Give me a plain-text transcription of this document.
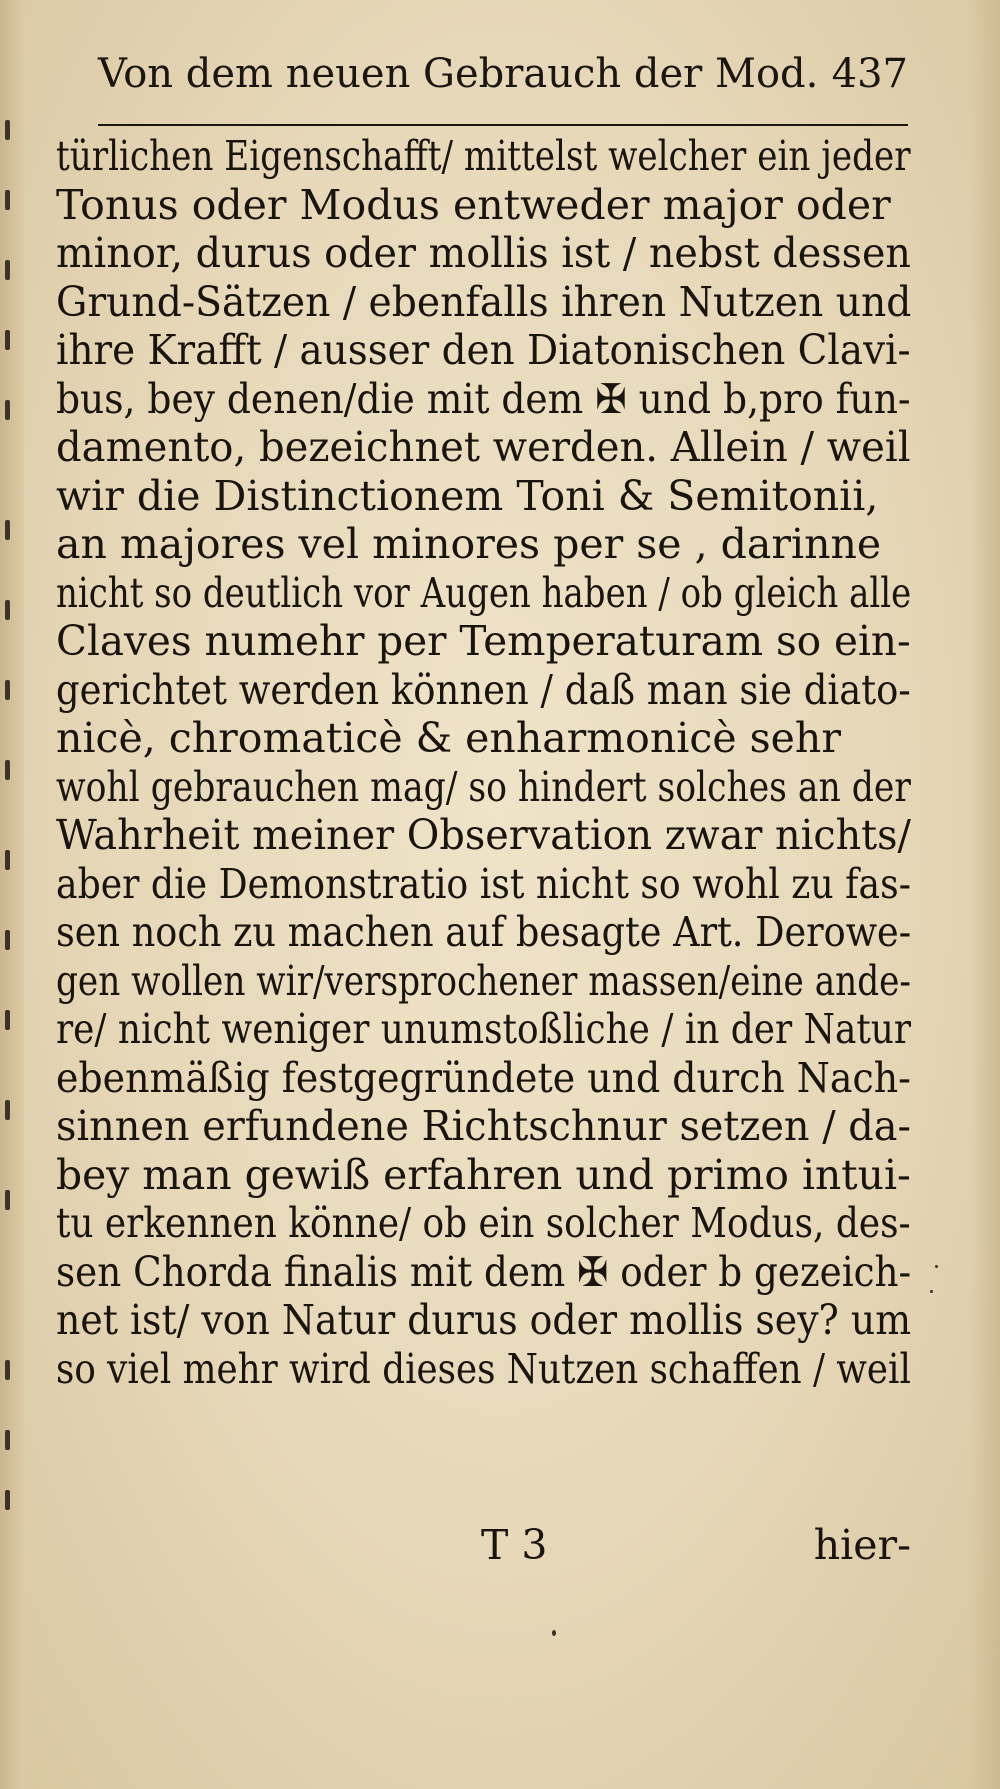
Von dem neuen Gebrauch der Mod. 437
türlichen Eigenschafft/ mittelst welcher ein jeder
Tonus oder Modus entweder major oder
minor, durus oder mollis ist / nebst dessen
Grund-Sätzen / ebenfalls ihren Nutzen und
ihre Krafft / ausser den Diatonischen Clavi-
bus, bey denen/die mit dem ✠ und b,pro fun-
damento, bezeichnet werden. Allein / weil
wir die Distinctionem Toni & Semitonii,
an majores vel minores per se , darinne
nicht so deutlich vor Augen haben / ob gleich alle
Claves numehr per Temperaturam so ein-
gerichtet werden können / daß man sie diato-
nicè, chromaticè & enharmonicè sehr
wohl gebrauchen mag/ so hindert solches an der
Wahrheit meiner Observation zwar nichts/
aber die Demonstratio ist nicht so wohl zu fas-
sen noch zu machen auf besagte Art. Derowe-
gen wollen wir/versprochener massen/eine ande-
re/ nicht weniger unumstoßliche / in der Natur
ebenmäßig festgegründete und durch Nach-
sinnen erfundene Richtschnur setzen / da-
bey man gewiß erfahren und primo intui-
tu erkennen könne/ ob ein solcher Modus, des-
sen Chorda finalis mit dem ✠ oder b gezeich-
net ist/ von Natur durus oder mollis sey? um
so viel mehr wird dieses Nutzen schaffen / weil
T 3	hier-
